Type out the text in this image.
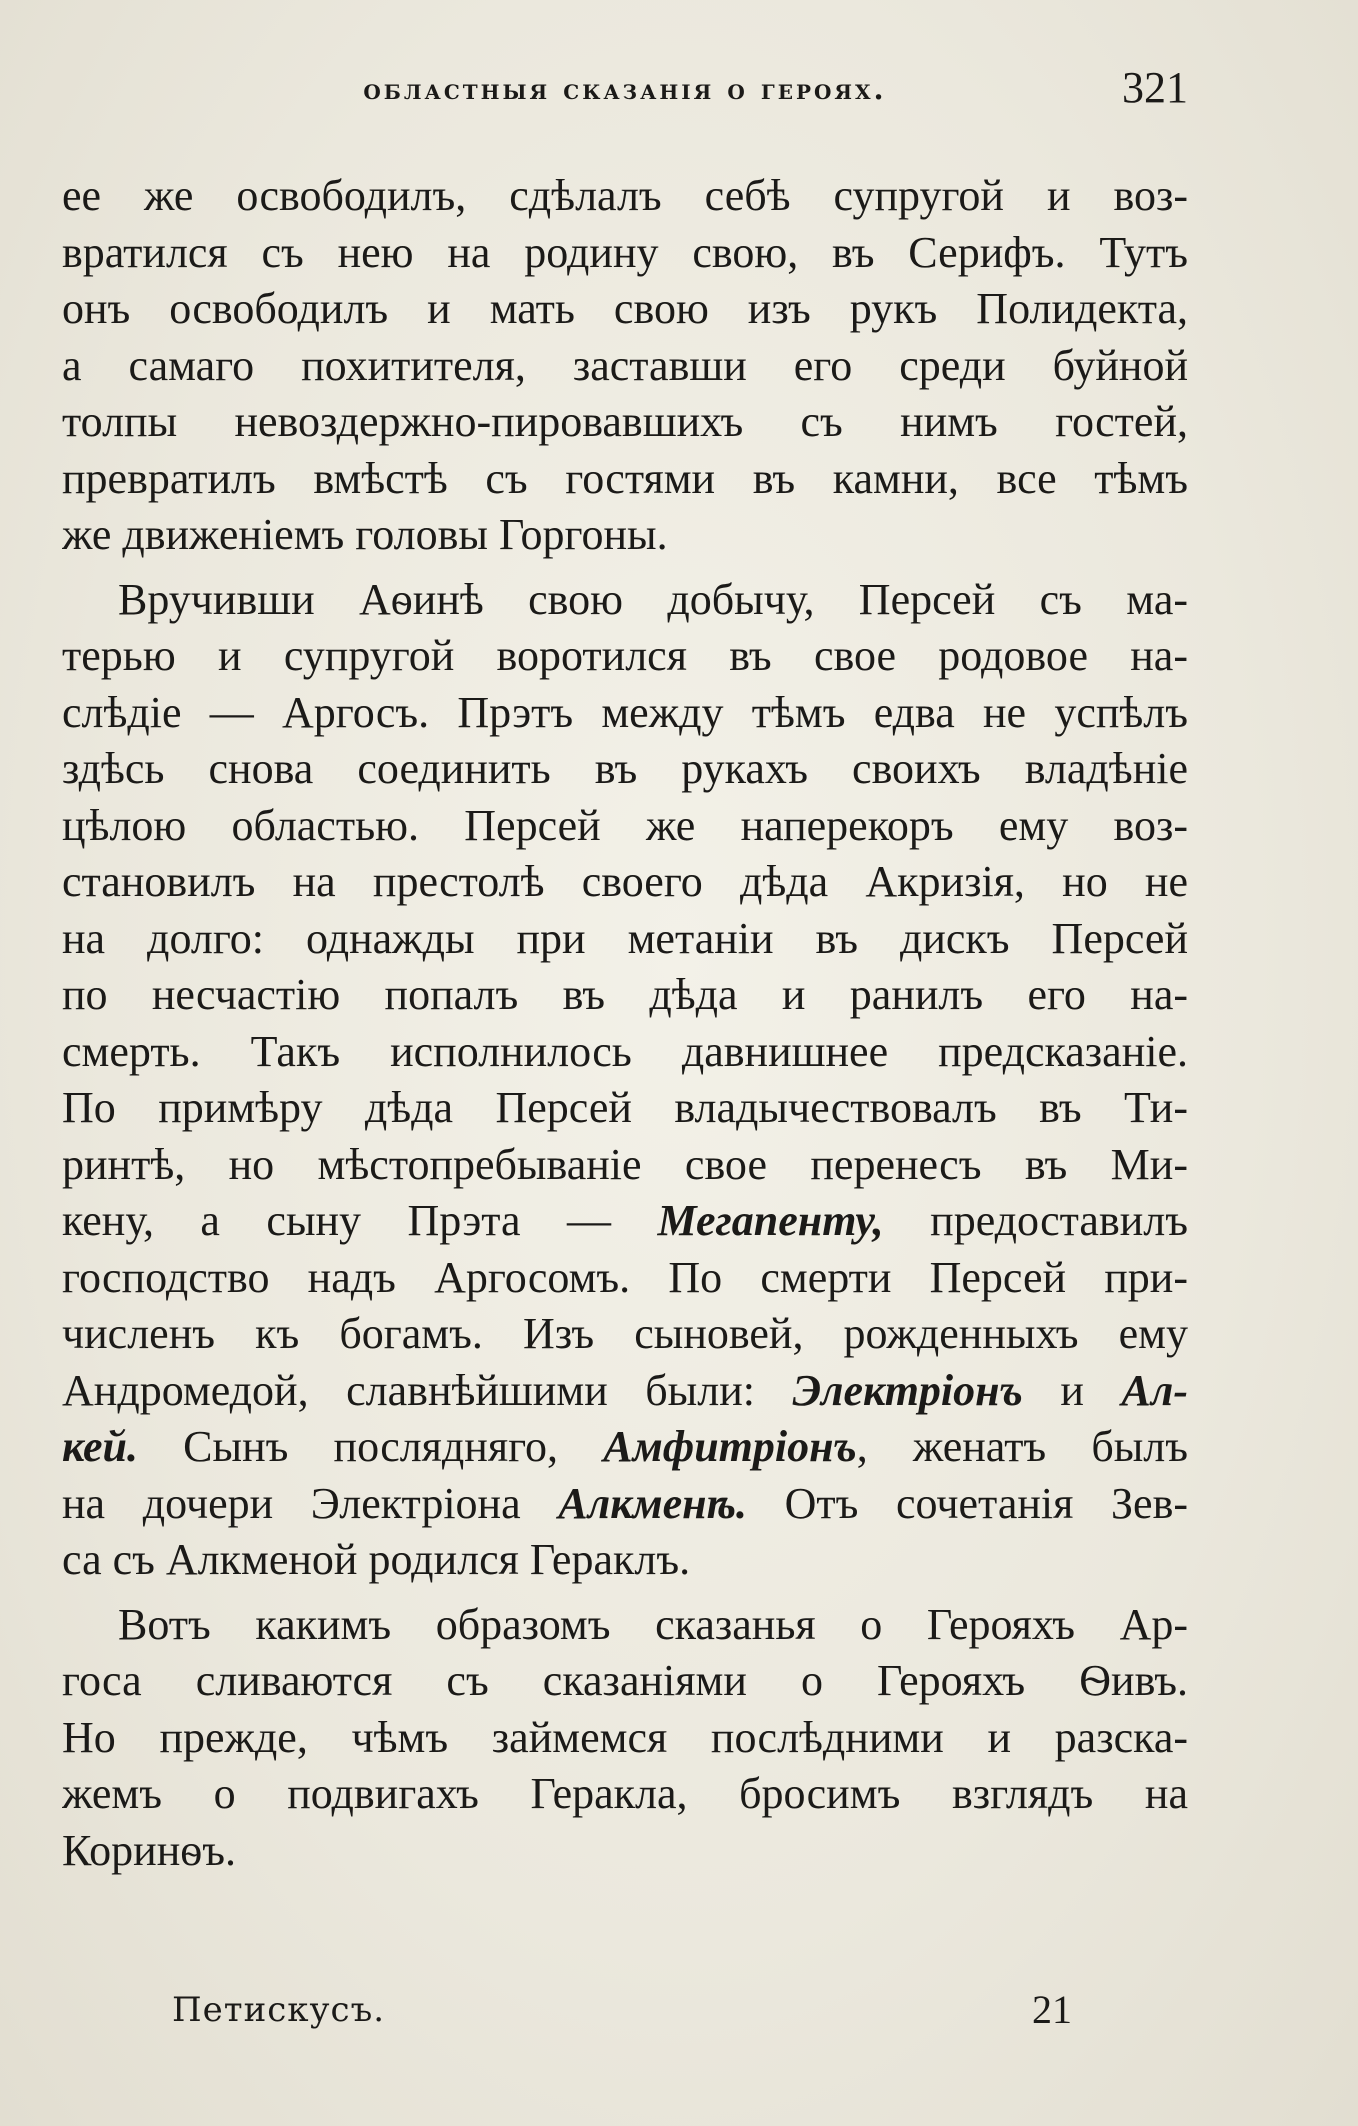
областныя сказанія о героях.	321
ее же освободилъ, сдѣлалъ себѣ супругой и воз-
вратился съ нею на родину свою, въ Серифъ. Тутъ
онъ освободилъ и мать свою изъ рукъ Полидекта,
а самаго похитителя, заставши его среди буйной
толпы невоздержно-пировавшихъ съ нимъ гостей,
превратилъ вмѣстѣ съ гостями въ камни, все тѣмъ
же движеніемъ головы Горгоны.
Вручивши Аѳинѣ свою добычу, Персей съ ма-
терью и супругой воротился въ свое родовое на-
слѣдіе — Аргосъ. Прэтъ между тѣмъ едва не успѣлъ
здѣсь снова соединить въ рукахъ своихъ владѣніе
цѣлою областью. Персей же наперекоръ ему воз-
становилъ на престолѣ своего дѣда Акризія, но не
на долго: однажды при метаніи въ дискъ Персей
по несчастію попалъ въ дѣда и ранилъ его на-
смерть. Такъ исполнилось давнишнее предсказаніе.
По примѣру дѣда Персей владычествовалъ въ Ти-
ринтѣ, но мѣстопребываніе свое перенесъ въ Ми-
кену, а сыну Прэта — Мегапенту, предоставилъ
господство надъ Аргосомъ. По смерти Персей при-
численъ къ богамъ. Изъ сыновей, рожденныхъ ему
Андромедой, славнѣйшими были: Электріонъ и Ал-
кей. Сынъ послядняго, Амфитріонъ, женатъ былъ
на дочери Электріона Алкменѣ. Отъ сочетанія Зев-
са съ Алкменой родился Гераклъ.
Вотъ какимъ образомъ сказанья о Герояхъ Ар-
госа сливаются съ сказаніями о Герояхъ Ѳивъ.
Но прежде, чѣмъ займемся послѣдними и разска-
жемъ о подвигахъ Геракла, бросимъ взглядъ на
Коринѳъ.
Петискусъ.	21
